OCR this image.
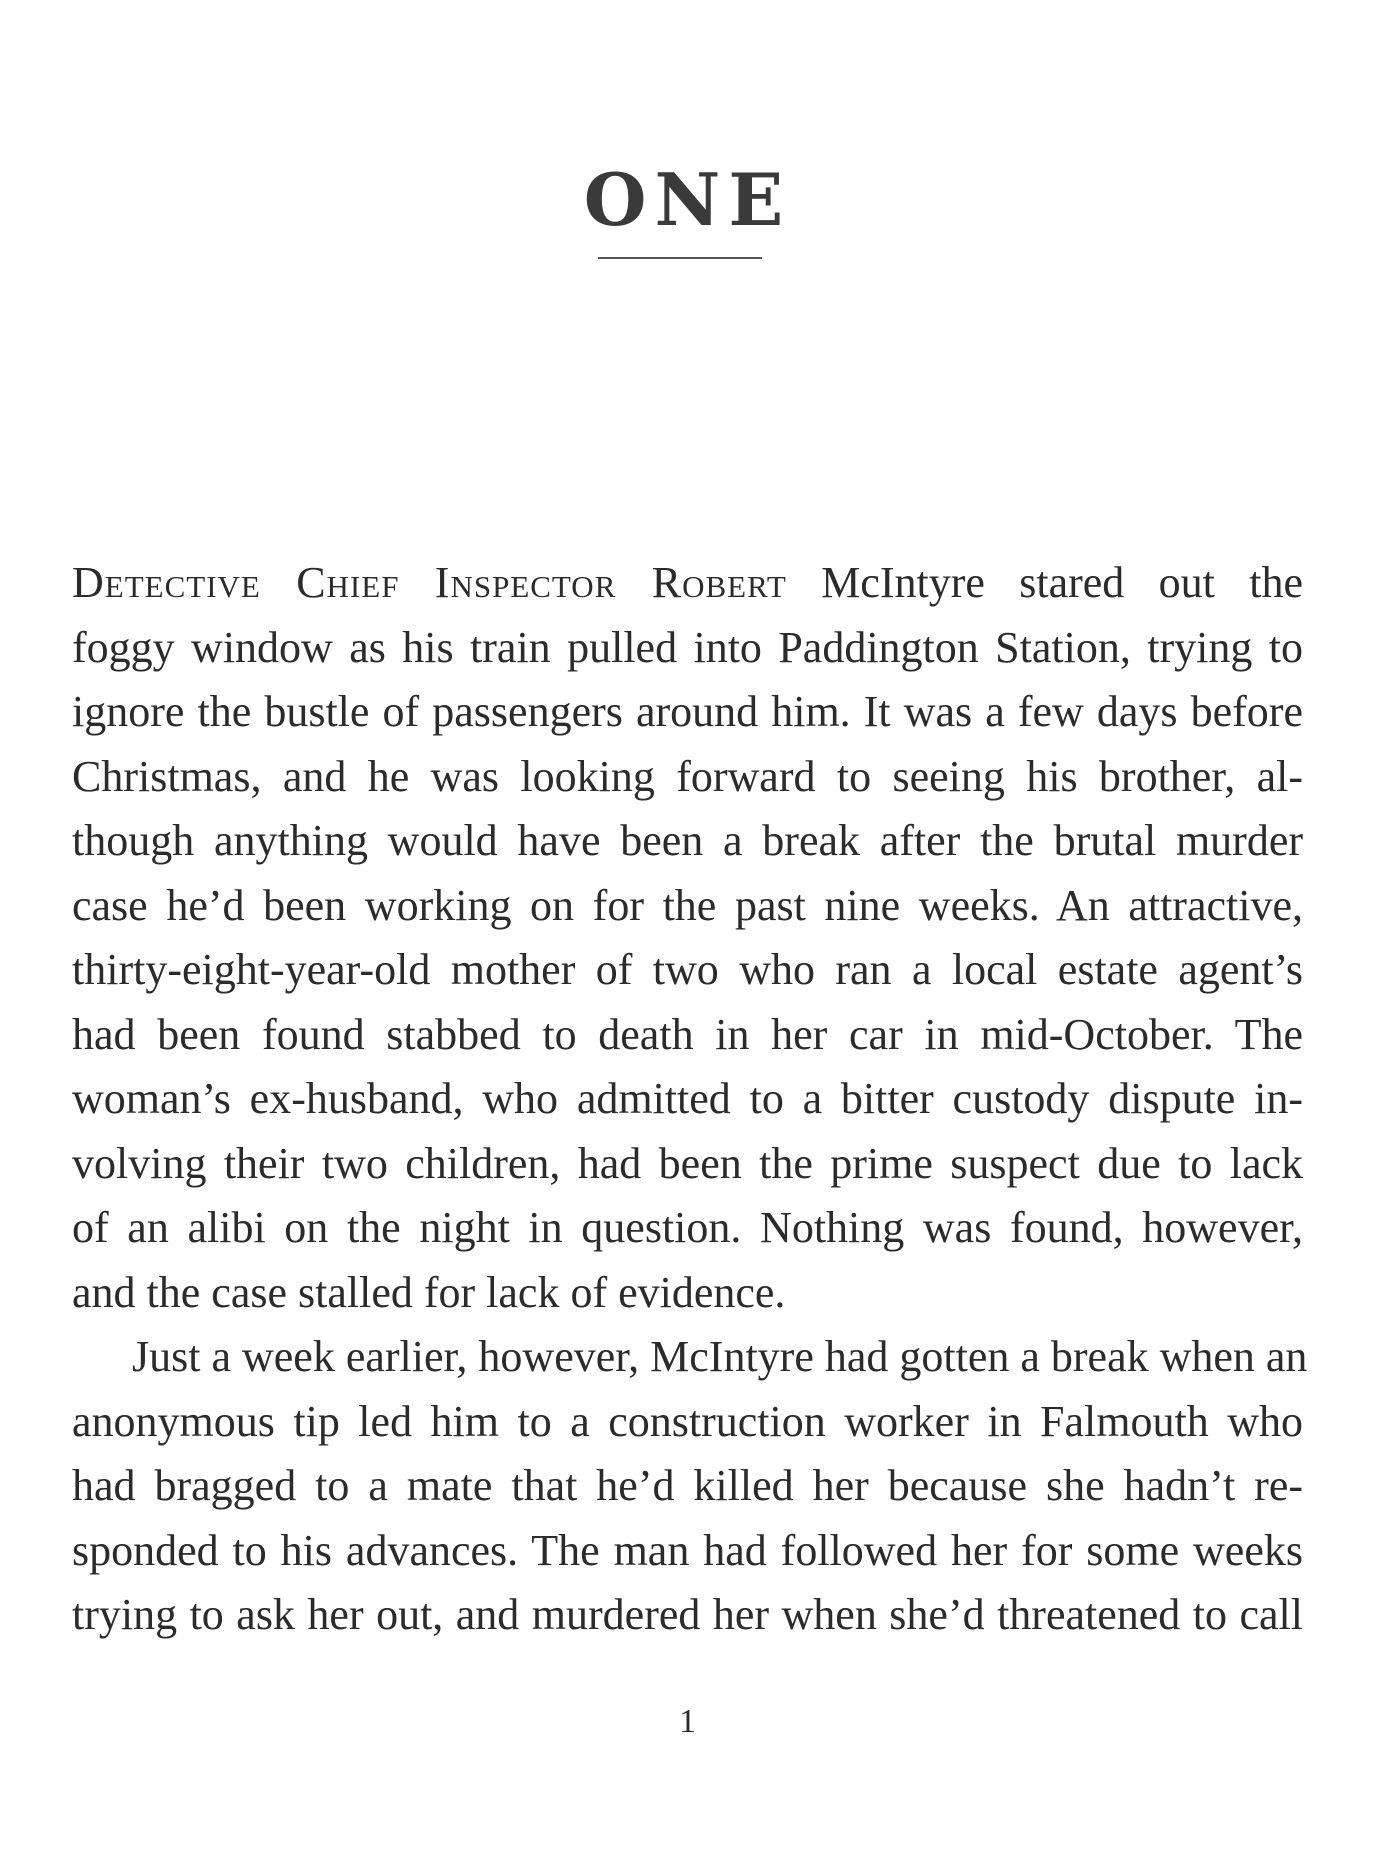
ONE
Detective Chief Inspector Robert McIntyre stared out the
foggy window as his train pulled into Paddington Station, trying to
ignore the bustle of passengers around him. It was a few days before
Christmas, and he was looking forward to seeing his brother, al-
though anything would have been a break after the brutal murder
case he’d been working on for the past nine weeks. An attractive,
thirty-eight-year-old mother of two who ran a local estate agent’s
had been found stabbed to death in her car in mid-October. The
woman’s ex-husband, who admitted to a bitter custody dispute in-
volving their two children, had been the prime suspect due to lack
of an alibi on the night in question. Nothing was found, however,
and the case stalled for lack of evidence.
Just a week earlier, however, McIntyre had gotten a break when an
anonymous tip led him to a construction worker in Falmouth who
had bragged to a mate that he’d killed her because she hadn’t re-
sponded to his advances. The man had followed her for some weeks
trying to ask her out, and murdered her when she’d threatened to call
1
